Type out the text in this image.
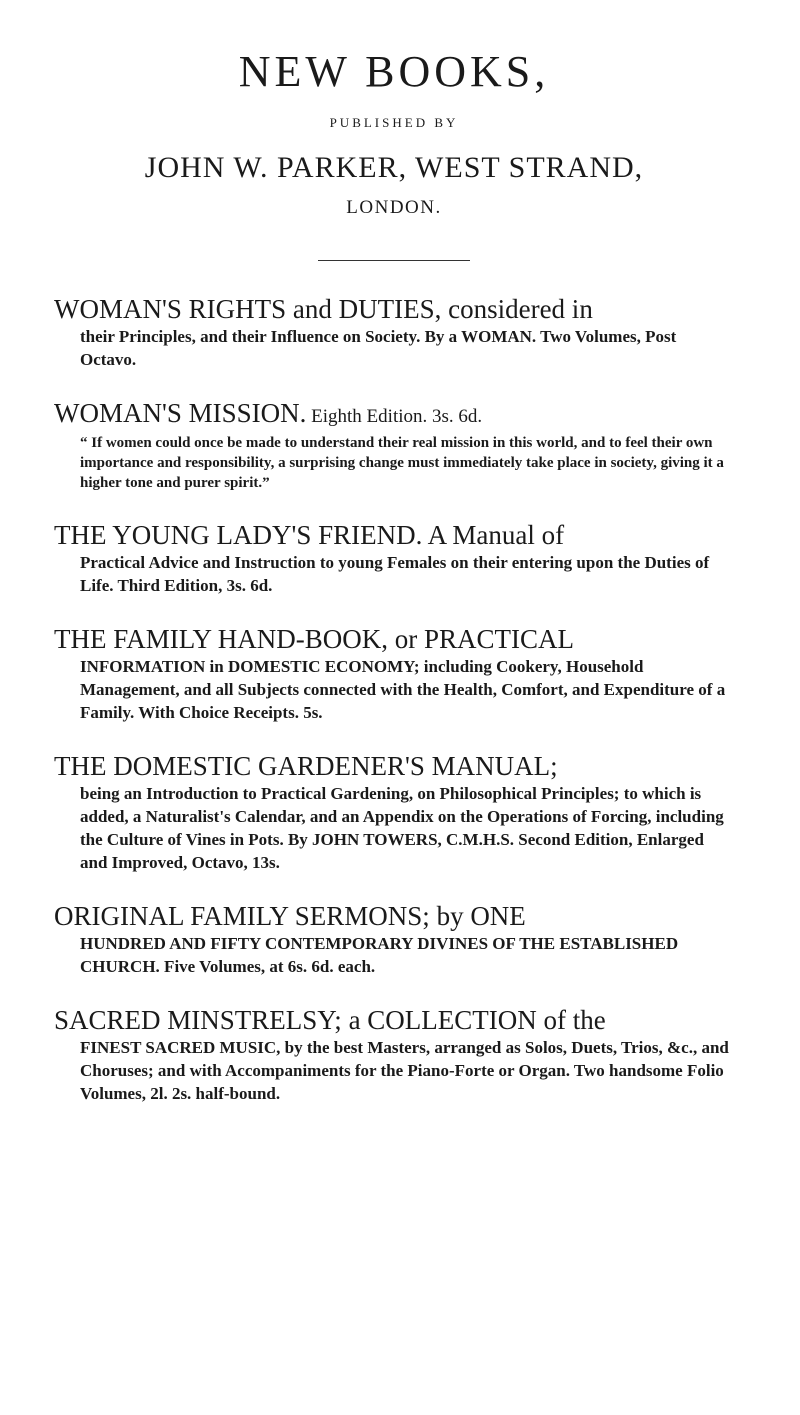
NEW BOOKS,
PUBLISHED BY
JOHN W. PARKER, WEST STRAND,
LONDON.
WOMAN'S RIGHTS and DUTIES, considered in
their Principles, and their Influence on Society. By a WOMAN. Two Volumes, Post Octavo.
WOMAN'S MISSION. Eighth Edition. 3s. 6d.
“ If women could once be made to understand their real mission in this world, and to feel their own importance and responsibility, a surprising change must immediately take place in society, giving it a higher tone and purer spirit.”
THE YOUNG LADY'S FRIEND. A Manual of
Practical Advice and Instruction to young Females on their entering upon the Duties of Life. Third Edition, 3s. 6d.
THE FAMILY HAND-BOOK, or PRACTICAL
INFORMATION in DOMESTIC ECONOMY; including Cookery, Household Management, and all Subjects connected with the Health, Comfort, and Expenditure of a Family. With Choice Receipts. 5s.
THE DOMESTIC GARDENER'S MANUAL;
being an Introduction to Practical Gardening, on Philosophical Principles; to which is added, a Naturalist's Calendar, and an Appendix on the Operations of Forcing, including the Culture of Vines in Pots. By JOHN TOWERS, C.M.H.S. Second Edition, Enlarged and Improved, Octavo, 13s.
ORIGINAL FAMILY SERMONS; by ONE
HUNDRED AND FIFTY CONTEMPORARY DIVINES OF THE ESTABLISHED CHURCH. Five Volumes, at 6s. 6d. each.
SACRED MINSTRELSY; a COLLECTION of the
FINEST SACRED MUSIC, by the best Masters, arranged as Solos, Duets, Trios, &c., and Choruses; and with Accompaniments for the Piano-Forte or Organ. Two handsome Folio Volumes, 2l. 2s. half-bound.
